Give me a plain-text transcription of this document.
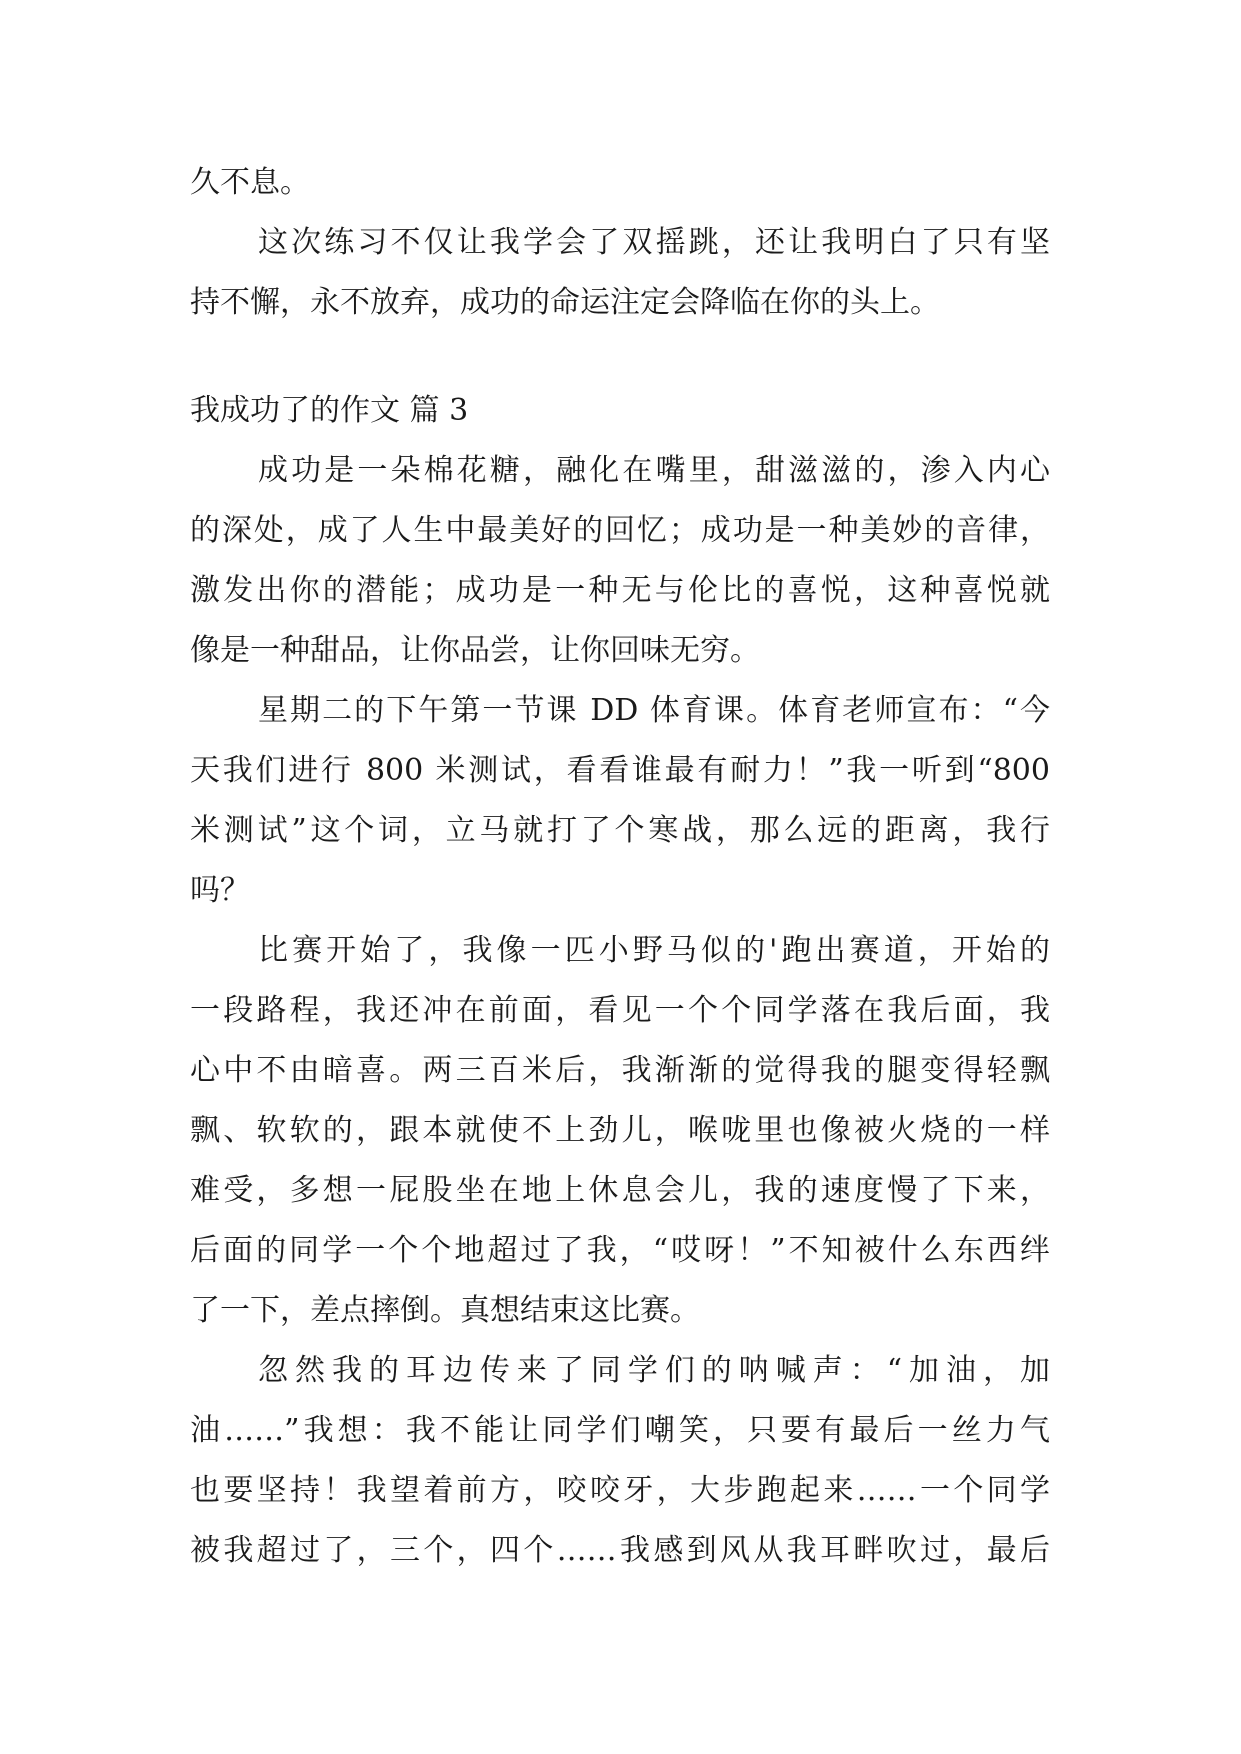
久不息。
这次练习不仅让我学会了双摇跳，还让我明白了只有坚
持不懈，永不放弃，成功的命运注定会降临在你的头上。
我成功了的作文 篇 3
成功是一朵棉花糖，融化在嘴里，甜滋滋的，渗入内心
的深处，成了人生中最美好的回忆；成功是一种美妙的音律，
激发出你的潜能；成功是一种无与伦比的喜悦，这种喜悦就
像是一种甜品，让你品尝，让你回味无穷。
星期二的下午第一节课 DD 体育课。体育老师宣布：“今
天我们进行 800 米测试，看看谁最有耐力！”我一听到“800
米测试”这个词，立马就打了个寒战，那么远的距离，我行
吗？
比赛开始了，我像一匹小野马似的'跑出赛道，开始的
一段路程，我还冲在前面，看见一个个同学落在我后面，我
心中不由暗喜。两三百米后，我渐渐的觉得我的腿变得轻飘
飘、软软的，跟本就使不上劲儿，喉咙里也像被火烧的一样
难受，多想一屁股坐在地上休息会儿，我的速度慢了下来，
后面的同学一个个地超过了我，“哎呀！”不知被什么东西绊
了一下，差点摔倒。真想结束这比赛。
忽然我的耳边传来了同学们的呐喊声：“加油，加
油……”我想：我不能让同学们嘲笑，只要有最后一丝力气
也要坚持！我望着前方，咬咬牙，大步跑起来……一个同学
被我超过了，三个，四个……我感到风从我耳畔吹过，最后
